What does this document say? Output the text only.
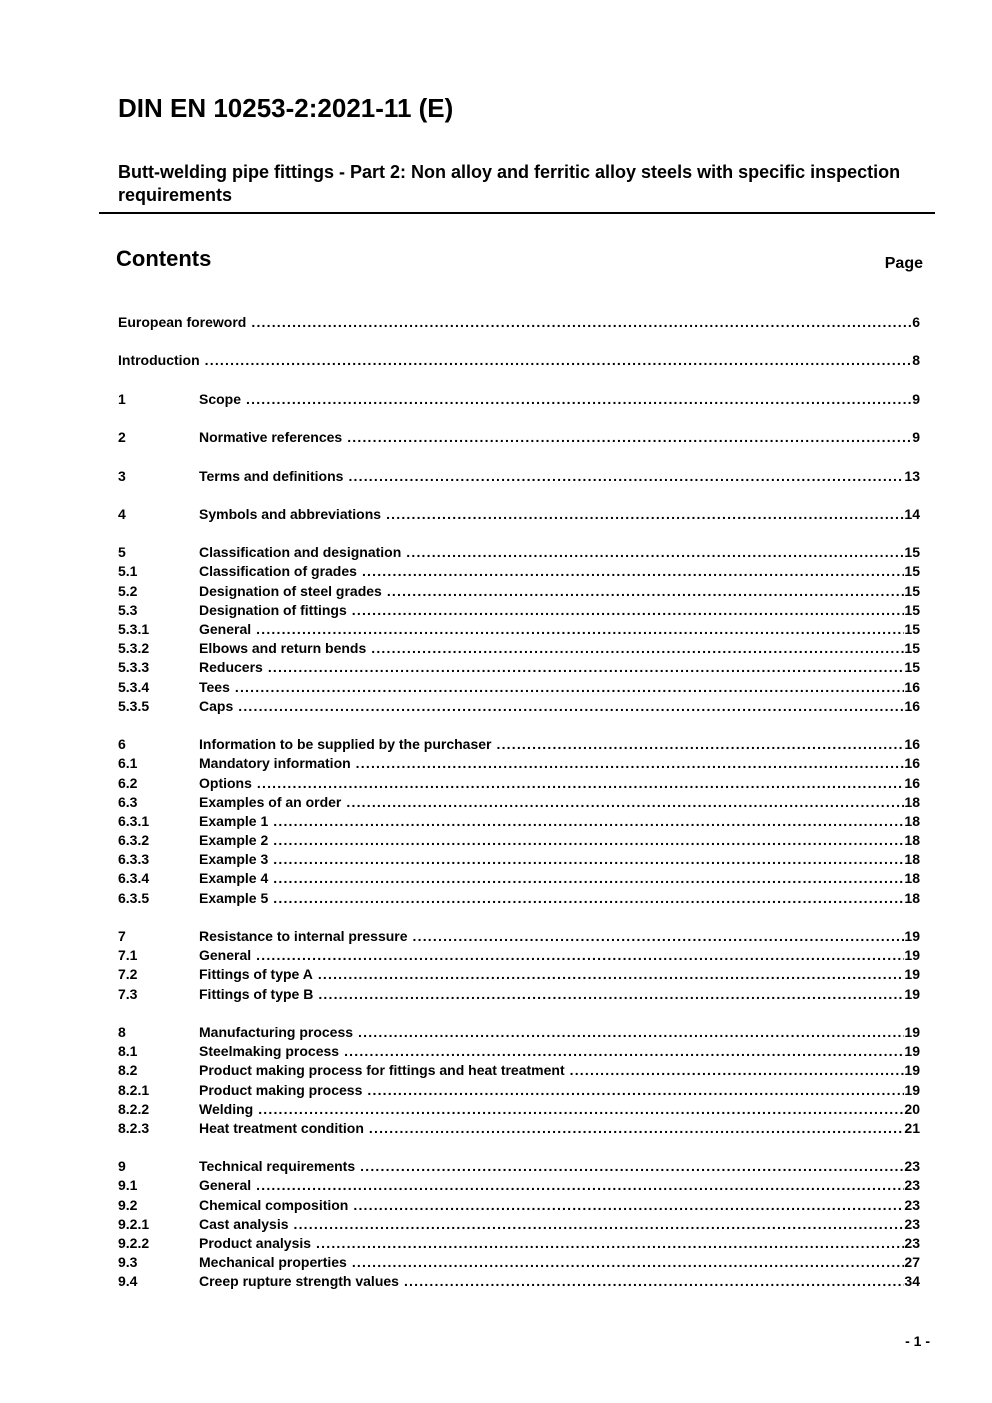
DIN EN 10253-2:2021-11 (E)
Butt-welding pipe fittings - Part 2: Non alloy and ferritic alloy steels with specific inspection requirements
Contents	Page
European foreword .....	6
Introduction .....	8
1	Scope .....	9
2	Normative references .....	9
3	Terms and definitions .....	13
4	Symbols and abbreviations .....	14
5	Classification and designation .....	15
5.1	Classification of grades .....	15
5.2	Designation of steel grades .....	15
5.3	Designation of fittings .....	15
5.3.1	General .....	15
5.3.2	Elbows and return bends .....	15
5.3.3	Reducers .....	15
5.3.4	Tees .....	16
5.3.5	Caps .....	16
6	Information to be supplied by the purchaser .....	16
6.1	Mandatory information .....	16
6.2	Options .....	16
6.3	Examples of an order .....	18
6.3.1	Example 1 .....	18
6.3.2	Example 2 .....	18
6.3.3	Example 3 .....	18
6.3.4	Example 4 .....	18
6.3.5	Example 5 .....	18
7	Resistance to internal pressure .....	19
7.1	General .....	19
7.2	Fittings of type A .....	19
7.3	Fittings of type B .....	19
8	Manufacturing process .....	19
8.1	Steelmaking process .....	19
8.2	Product making process for fittings and heat treatment .....	19
8.2.1	Product making process .....	19
8.2.2	Welding .....	20
8.2.3	Heat treatment condition .....	21
9	Technical requirements .....	23
9.1	General .....	23
9.2	Chemical composition .....	23
9.2.1	Cast analysis .....	23
9.2.2	Product analysis .....	23
9.3	Mechanical properties .....	27
9.4	Creep rupture strength values .....	34
- 1 -
